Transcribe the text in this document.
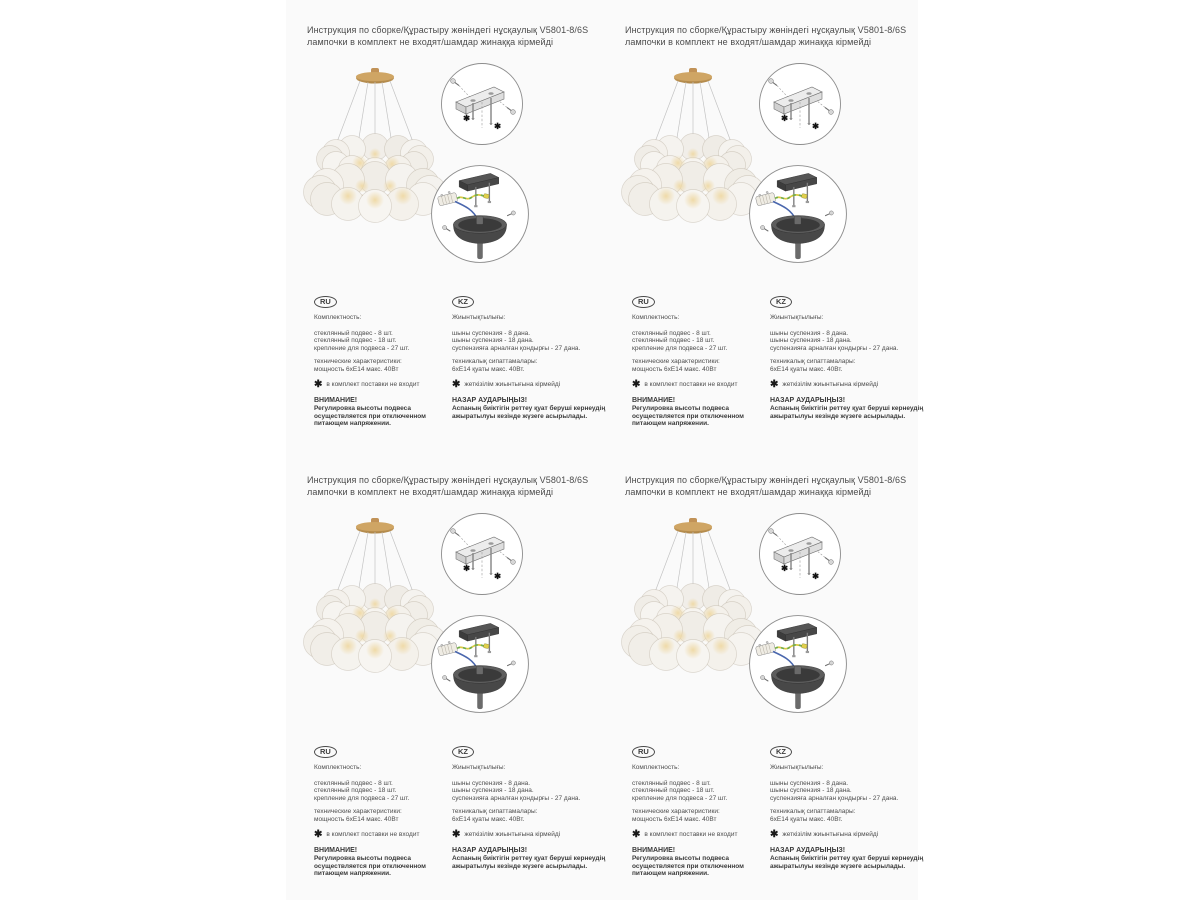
Инструкция по сборке/Құрастыру жөніндегі нұсқаулық V5801-8/6S
лампочки в комплект не входят/шамдар жинаққа кірмейді
✱
✱
RU

Комплектность:

стеклянный подвес - 8 шт.

стеклянный подвес - 18 шт.

крепление для подвеса - 27 шт.

технические характеристики:

мощность 6хЕ14 макс. 40Вт

✱ в комплект поставки не входит

ВНИМАНИЕ!

Регулировка высоты подвеса осуществляется при отключенном питающем напряжении.

KZ

Жиынтықтылығы:

шыны суспензия - 8 дана.

шыны суспензия - 18 дана.

суспензияға арналған қондырғы - 27 дана.

техникалық сипаттамалары:

6хЕ14 қуаты макс. 40Вт.

✱ жеткізілім жиынтығына кірмейді

НАЗАР АУДАРЫҢЫЗ!

Аспаның биіктігін реттеу қуат беруші кернеудің ажыратылуы кезінде жүзеге асырылады.

Инструкция по сборке/Құрастыру жөніндегі нұсқаулық V5801-8/6S
лампочки в комплект не входят/шамдар жинаққа кірмейді
✱
✱
RU

Комплектность:

стеклянный подвес - 8 шт.

стеклянный подвес - 18 шт.

крепление для подвеса - 27 шт.

технические характеристики:

мощность 6хЕ14 макс. 40Вт

✱ в комплект поставки не входит

ВНИМАНИЕ!

Регулировка высоты подвеса осуществляется при отключенном питающем напряжении.

KZ

Жиынтықтылығы:

шыны суспензия - 8 дана.

шыны суспензия - 18 дана.

суспензияға арналған қондырғы - 27 дана.

техникалық сипаттамалары:

6хЕ14 қуаты макс. 40Вт.

✱ жеткізілім жиынтығына кірмейді

НАЗАР АУДАРЫҢЫЗ!

Аспаның биіктігін реттеу қуат беруші кернеудің ажыратылуы кезінде жүзеге асырылады.

Инструкция по сборке/Құрастыру жөніндегі нұсқаулық V5801-8/6S
лампочки в комплект не входят/шамдар жинаққа кірмейді
✱
✱
RU

Комплектность:

стеклянный подвес - 8 шт.

стеклянный подвес - 18 шт.

крепление для подвеса - 27 шт.

технические характеристики:

мощность 6хЕ14 макс. 40Вт

✱ в комплект поставки не входит

ВНИМАНИЕ!

Регулировка высоты подвеса осуществляется при отключенном питающем напряжении.

KZ

Жиынтықтылығы:

шыны суспензия - 8 дана.

шыны суспензия - 18 дана.

суспензияға арналған қондырғы - 27 дана.

техникалық сипаттамалары:

6хЕ14 қуаты макс. 40Вт.

✱ жеткізілім жиынтығына кірмейді

НАЗАР АУДАРЫҢЫЗ!

Аспаның биіктігін реттеу қуат беруші кернеудің ажыратылуы кезінде жүзеге асырылады.

Инструкция по сборке/Құрастыру жөніндегі нұсқаулық V5801-8/6S
лампочки в комплект не входят/шамдар жинаққа кірмейді
✱
✱
RU

Комплектность:

стеклянный подвес - 8 шт.

стеклянный подвес - 18 шт.

крепление для подвеса - 27 шт.

технические характеристики:

мощность 6хЕ14 макс. 40Вт

✱ в комплект поставки не входит

ВНИМАНИЕ!

Регулировка высоты подвеса осуществляется при отключенном питающем напряжении.

KZ

Жиынтықтылығы:

шыны суспензия - 8 дана.

шыны суспензия - 18 дана.

суспензияға арналған қондырғы - 27 дана.

техникалық сипаттамалары:

6хЕ14 қуаты макс. 40Вт.

✱ жеткізілім жиынтығына кірмейді

НАЗАР АУДАРЫҢЫЗ!

Аспаның биіктігін реттеу қуат беруші кернеудің ажыратылуы кезінде жүзеге асырылады.
